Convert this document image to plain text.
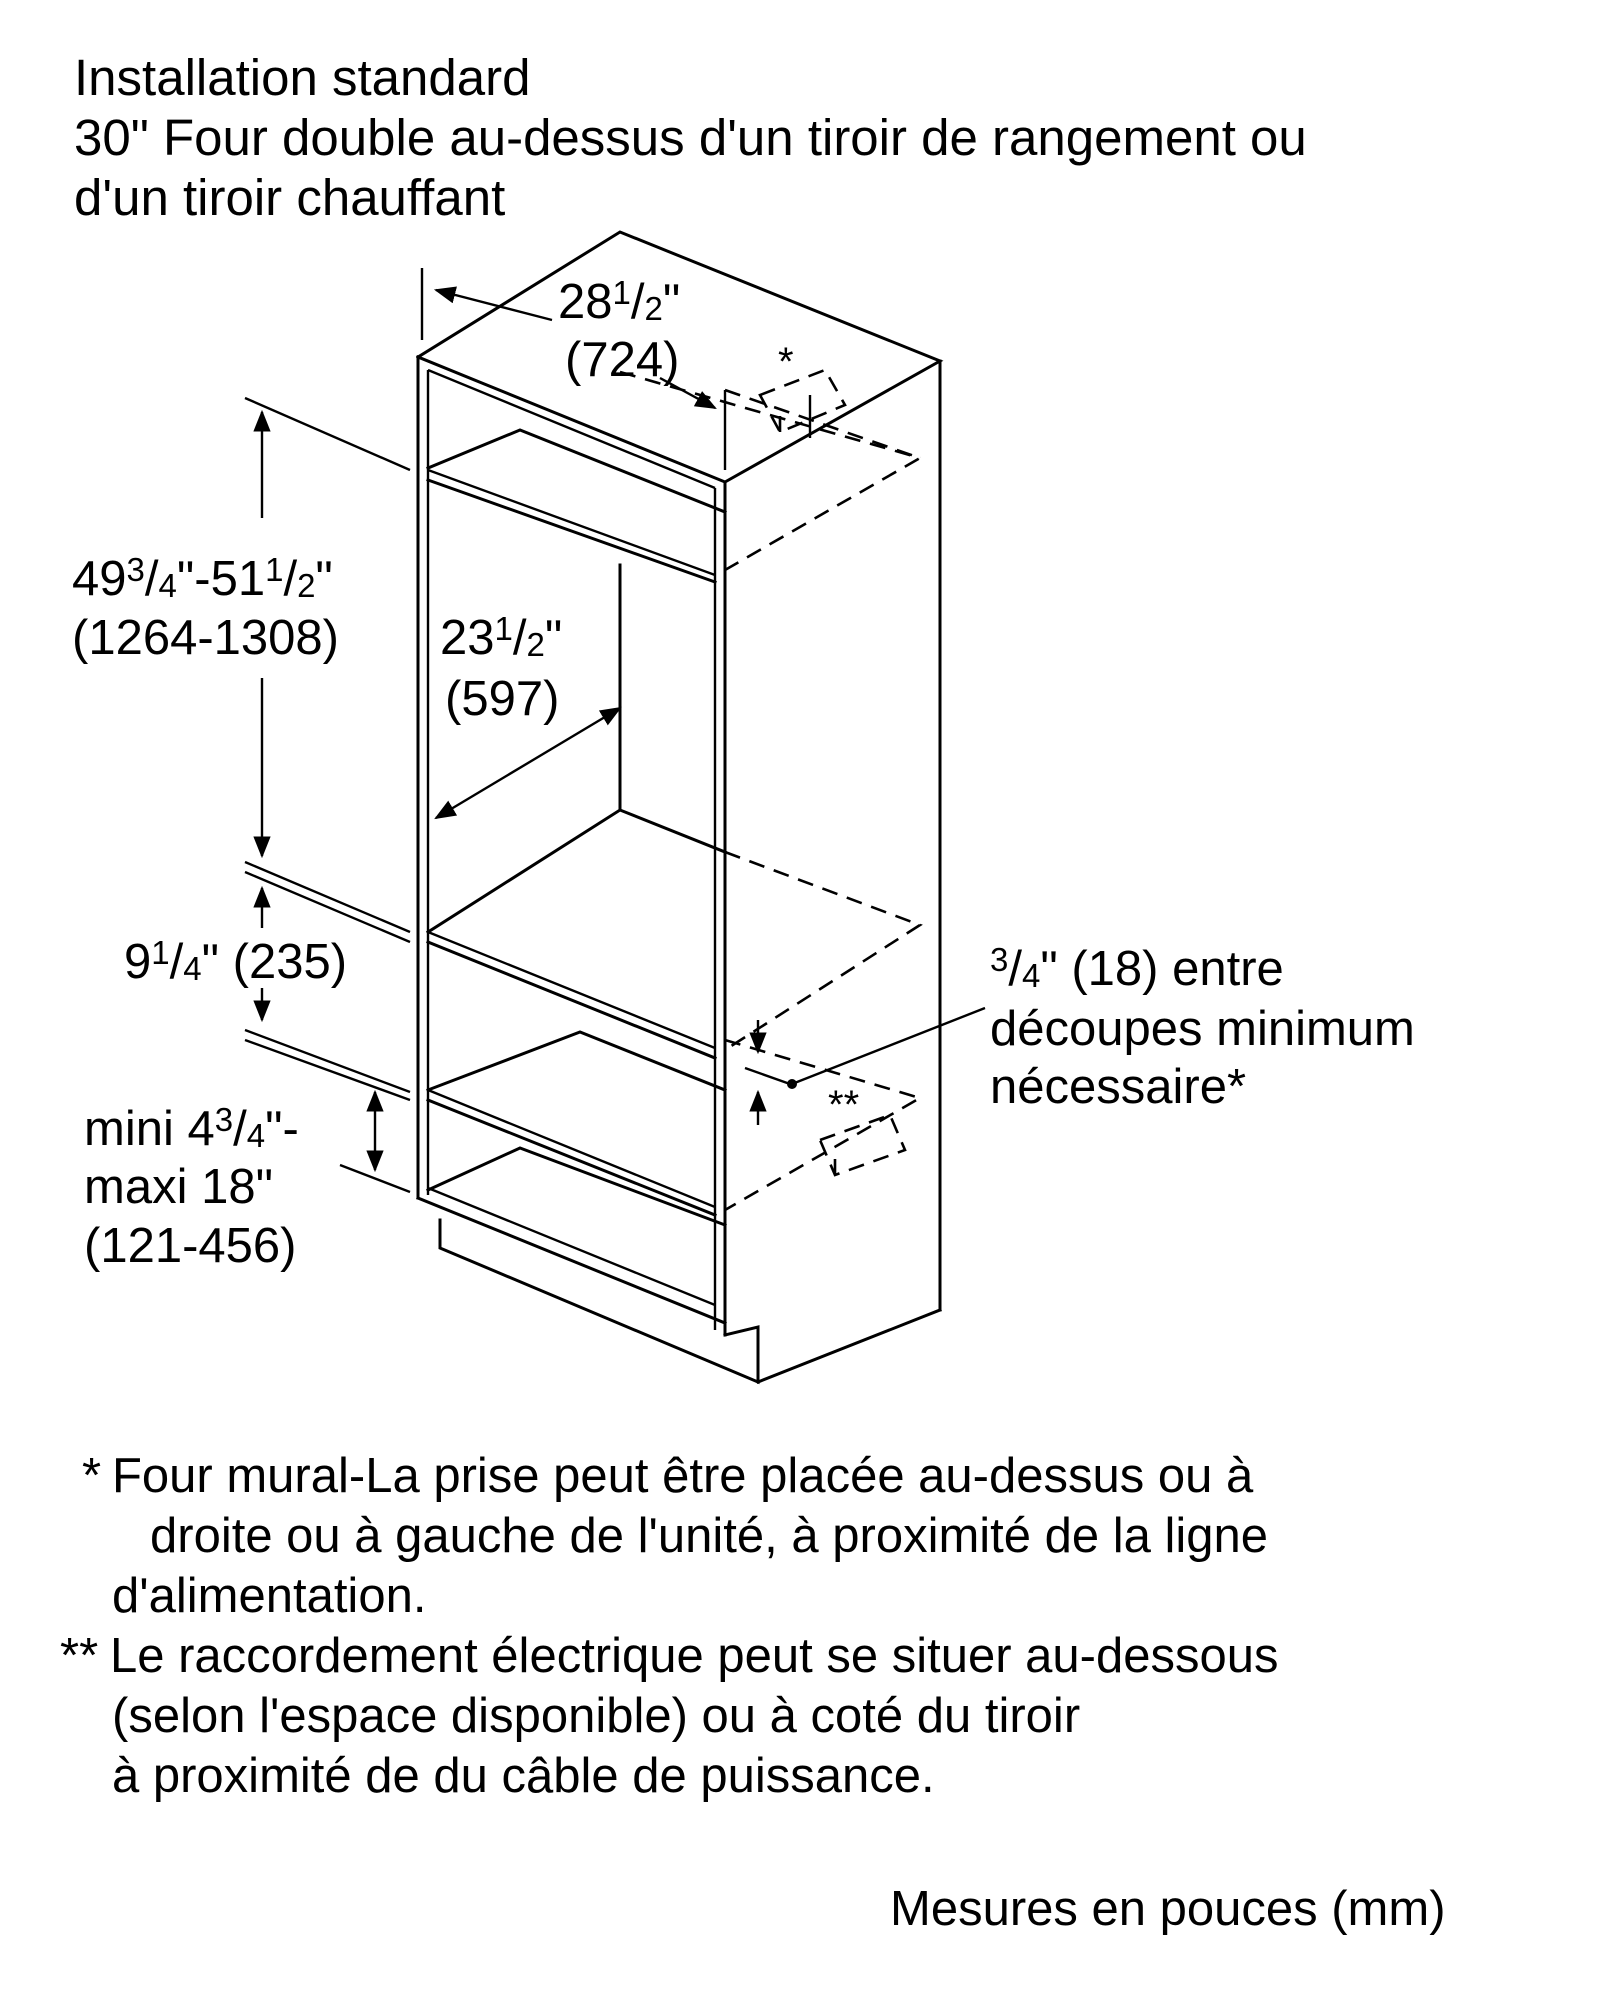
Installation standard
30" Four double au-dessus d'un tiroir de rangement ou
d'un tiroir chauffant
*
**
$28^1/_2$"
(724)
$49^3/_4"-51^1/_2$"
(1264-1308) $23^1/_2$"
(597)
$9^1/_4$" (235)
mini $4^3/_4"-$
maxi 18"
(121-456)
$^3/_4$" (18) entre
découpes minimum
nécessaire*
* Four mural-La prise peut être placée au-dessus ou à
droite ou à gauche de l'unité, à proximité de la ligne
d'alimentation.
** Le raccordement électrique peut se situer au-dessous
(selon l'espace disponible) ou à coté du tiroir
à proximité de du câble de puissance.
Mesures en pouces (mm)
